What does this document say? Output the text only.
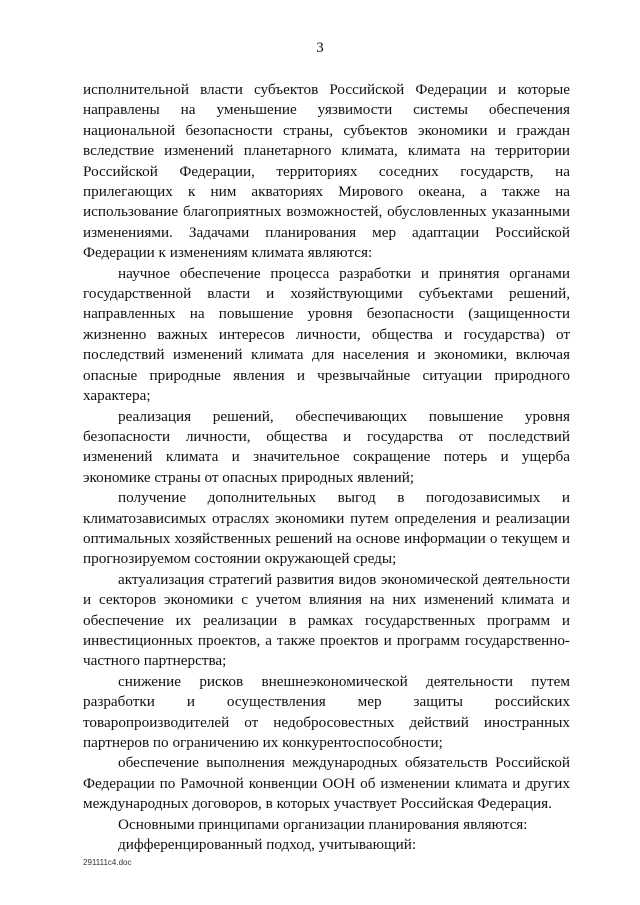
3

исполнительной власти субъектов Российской Федерации и которые направлены на уменьшение уязвимости системы обеспечения национальной безопасности страны, субъектов экономики и граждан вследствие изменений планетарного климата, климата на территории Российской Федерации, территориях соседних государств, на прилегающих к ним акваториях Мирового океана, а также на использование благоприятных возможностей, обусловленных указанными изменениями. Задачами планирования мер адаптации Российской Федерации к изменениям климата являются:

научное обеспечение процесса разработки и принятия органами государственной власти и хозяйствующими субъектами решений, направленных на повышение уровня безопасности (защищенности жизненно важных интересов личности, общества и государства) от последствий изменений климата для населения и экономики, включая опасные природные явления и чрезвычайные ситуации природного характера;

реализация решений, обеспечивающих повышение уровня безопасности личности, общества и государства от последствий изменений климата и значительное сокращение потерь и ущерба экономике страны от опасных природных явлений;

получение дополнительных выгод в погодозависимых и климатозависимых отраслях экономики путем определения и реализации оптимальных хозяйственных решений на основе информации о текущем и прогнозируемом состоянии окружающей среды;

актуализация стратегий развития видов экономической деятельности и секторов экономики с учетом влияния на них изменений климата и обеспечение их реализации в рамках государственных программ и инвестиционных проектов, а также проектов и программ государственно-частного партнерства;

снижение рисков внешнеэкономической деятельности путем разработки и осуществления мер защиты российских товаропроизводителей от недобросовестных действий иностранных партнеров по ограничению их конкурентоспособности;

обеспечение выполнения международных обязательств Российской Федерации по Рамочной конвенции ООН об изменении климата и других международных договоров, в которых участвует Российская Федерация.

Основными принципами организации планирования являются:

дифференцированный подход, учитывающий:

291111c4.doc
